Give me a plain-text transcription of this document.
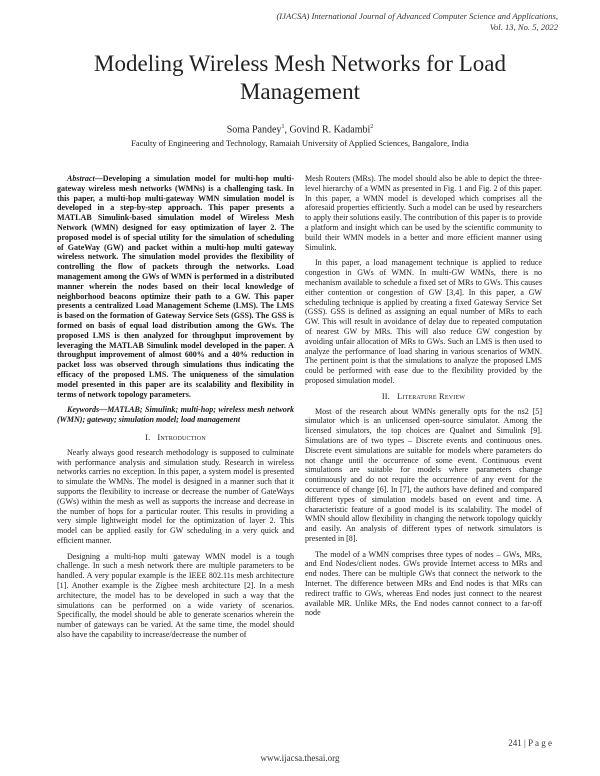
(IJACSA) International Journal of Advanced Computer Science and Applications,
Vol. 13, No. 5, 2022
Modeling Wireless Mesh Networks for Load Management
Soma Pandey$^1$, Govind R. Kadambi$^2$
Faculty of Engineering and Technology, Ramaiah University of Applied Sciences, Bangalore, India

Abstract—Developing a simulation model for multi-hop multi-gateway wireless mesh networks (WMNs) is a challenging task. In this paper, a multi-hop multi-gateway WMN simulation model is developed in a step-by-step approach. This paper presents a MATLAB Simulink-based simulation model of Wireless Mesh Network (WMN) designed for easy optimization of layer 2. The proposed model is of special utility for the simulation of scheduling of GateWay (GW) and packet within a multi-hop multi gateway wireless network. The simulation model provides the flexibility of controlling the flow of packets through the networks. Load management among the GWs of WMN is performed in a distributed manner wherein the nodes based on their local knowledge of neighborhood beacons optimize their path to a GW. This paper presents a centralized Load Management Scheme (LMS). The LMS is based on the formation of Gateway Service Sets (GSS). The GSS is formed on basis of equal load distribution among the GWs. The proposed LMS is then analyzed for throughput improvement by leveraging the MATLAB Simulink model developed in the paper. A throughput improvement of almost 600% and a 40% reduction in packet loss was observed through simulations thus indicating the efficacy of the proposed LMS. The uniqueness of the simulation model presented in this paper are its scalability and flexibility in terms of network topology parameters.

Keywords—MATLAB; Simulink; multi-hop; wireless mesh network (WMN); gateway; simulation model; load management

I. Introduction

Nearly always good research methodology is supposed to culminate with performance analysis and simulation study. Research in wireless networks carries no exception. In this paper, a system model is presented to simulate the WMNs. The model is designed in a manner such that it supports the flexibility to increase or decrease the number of GateWays (GWs) within the mesh as well as supports the increase and decrease in the number of hops for a particular router. This results in providing a very simple lightweight model for the optimization of layer 2. This model can be applied easily for GW scheduling in a very quick and efficient manner.

Designing a multi-hop multi gateway WMN model is a tough challenge. In such a mesh network there are multiple parameters to be handled. A very popular example is the IEEE 802.11s mesh architecture [1]. Another example is the Zigbee mesh architecture [2]. In a mesh architecture, the model has to be developed in such a way that the simulations can be performed on a wide variety of scenarios. Specifically, the model should be able to generate scenarios wherein the number of gateways can be varied. At the same time, the model should also have the capability to increase/decrease the number of

Mesh Routers (MRs). The model should also be able to depict the three-level hierarchy of a WMN as presented in Fig. 1 and Fig. 2 of this paper. In this paper, a WMN model is developed which comprises all the aforesaid properties efficiently. Such a model can be used by researchers to apply their solutions easily. The contribution of this paper is to provide a platform and insight which can be used by the scientific community to build their WMN models in a better and more efficient manner using Simulink.

In this paper, a load management technique is applied to reduce congestion in GWs of WMN. In multi-GW WMNs, there is no mechanism available to schedule a fixed set of MRs to GWs. This causes either contention or congestion of GW [3,4]. In this paper, a GW scheduling technique is applied by creating a fixed Gateway Service Set (GSS). GSS is defined as assigning an equal number of MRs to each GW. This will result in avoidance of delay due to repeated computation of nearest GW by MRs. This will also reduce GW congestion by avoiding unfair allocation of MRs to GWs. Such an LMS is then used to analyze the performance of load sharing in various scenarios of WMN. The pertinent point is that the simulations to analyze the proposed LMS could be performed with ease due to the flexibility provided by the proposed simulation model.

II. Literature Review

Most of the research about WMNs generally opts for the ns2 [5] simulator which is an unlicensed open-source simulator. Among the licensed simulators, the top choices are Qualnet and Simulink [9]. Simulations are of two types – Discrete events and continuous ones. Discrete event simulations are suitable for models where parameters do not change until the occurrence of some event. Continuous event simulations are suitable for models where parameters change continuously and do not require the occurrence of any event for the occurrence of change [6]. In [7], the authors have defined and compared different types of simulation models based on event and time. A characteristic feature of a good model is its scalability. The model of WMN should allow flexibility in changing the network topology quickly and easily. An analysis of different types of network simulators is presented in [8].

The model of a WMN comprises three types of nodes – GWs, MRs, and End Nodes/client nodes. GWs provide Internet access to MRs and end nodes. There can be multiple GWs that connect the network to the Internet. The difference between MRs and End nodes is that MRs can redirect traffic to GWs, whereas End nodes just connect to the nearest available MR. Unlike MRs, the End nodes cannot connect to a far-off node

241 | P a g e
www.ijacsa.thesai.org
